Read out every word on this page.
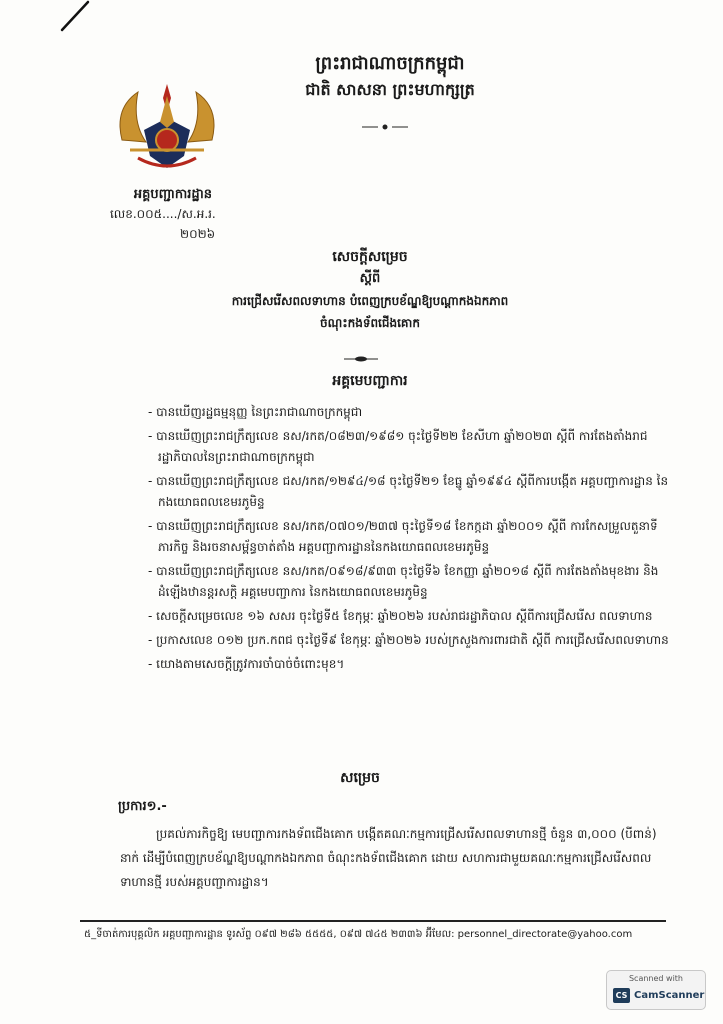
ព្រះរាជាណាចក្រកម្ពុជា
ជាតិ សាសនា ព្រះមហាក្សត្រ
អគ្គបញ្ជាការដ្ឋាន
លេខ.០០៥..../ស.អ.រ.
២០២៦
សេចក្តីសម្រេច
ស្តីពី
ការជ្រើសរើសពលទាហាន បំពេញក្របខ័ណ្ឌឱ្យបណ្តាកងឯកភាព
ចំណុះកងទ័ពជើងគោក
អគ្គមេបញ្ជាការ
- បានឃើញរដ្ឋធម្មនុញ្ញ នៃព្រះរាជាណាចក្រកម្ពុជា
- បានឃើញព្រះរាជក្រឹត្យលេខ នស/រកត/០៨២៣/១៩៨១ ចុះថ្ងៃទី២២ ខែសីហា ឆ្នាំ២០២៣ ស្តីពី ការតែងតាំងរាជរដ្ឋាភិបាលនៃព្រះរាជាណាចក្រកម្ពុជា
- បានឃើញព្រះរាជក្រឹត្យលេខ ជស/រកត/១២៩៤/១៨ ចុះថ្ងៃទី២១ ខែធ្នូ ឆ្នាំ១៩៩៤ ស្តីពីការបង្កើត អគ្គបញ្ជាការដ្ឋាន នៃកងយោធពលខេមរភូមិន្ទ
- បានឃើញព្រះរាជក្រឹត្យលេខ នស/រកត/០៧០១/២៣៧ ចុះថ្ងៃទី១៨ ខែកក្កដា ឆ្នាំ២០០១ ស្តីពី ការកែសម្រួលតួនាទីភារកិច្ច និងរចនាសម្ព័ន្ធចាត់តាំង អគ្គបញ្ជាការដ្ឋាននៃកងយោធពលខេមរភូមិន្ទ
- បានឃើញព្រះរាជក្រឹត្យលេខ នស/រកត/០៩១៨/៩៣៣ ចុះថ្ងៃទី៦ ខែកញ្ញា ឆ្នាំ២០១៨ ស្តីពី ការតែងតាំងមុខងារ និងដំឡើងឋានន្តរសក្តិ អគ្គមេបញ្ជាការ នៃកងយោធពលខេមរភូមិន្ទ
- សេចក្តីសម្រេចលេខ ១៦ សសរ ចុះថ្ងៃទី៥ ខែកុម្ភៈ ឆ្នាំ២០២៦ របស់រាជរដ្ឋាភិបាល ស្តីពីការជ្រើសរើស ពលទាហាន
- ប្រកាសលេខ ០១២ ប្រក.កពជ ចុះថ្ងៃទី៩ ខែកុម្ភៈ ឆ្នាំ២០២៦ របស់ក្រសួងការពារជាតិ ស្តីពី ការជ្រើសរើសពលទាហាន
- យោងតាមសេចក្តីត្រូវការចាំបាច់ចំពោះមុខ។
សម្រេច
ប្រការ១.-

ប្រគល់ភារកិច្ចឱ្យ មេបញ្ជាការកងទ័ពជើងគោក បង្កើតគណៈកម្មការជ្រើសរើសពលទាហានថ្មី ចំនួន ៣,០០០ (បីពាន់) នាក់ ដើម្បីបំពេញក្របខ័ណ្ឌឱ្យបណ្តាកងឯកភាព ចំណុះកងទ័ពជើងគោក ដោយ សហការជាមួយគណៈកម្មការជ្រើសរើសពលទាហានថ្មី របស់អគ្គបញ្ជាការដ្ឋាន។

៥_ទីចាត់ការបុគ្គលិក អគ្គបញ្ជាការដ្ឋាន ទូរស័ព្ទ ០៩៧ ២៨៦ ៥៥៥៥, ០៩៧ ៧៤៥ ២៣៣៦ អ៊ីមែល: personnel_directorate@yahoo.com
Scanned with
CS CamScanner
